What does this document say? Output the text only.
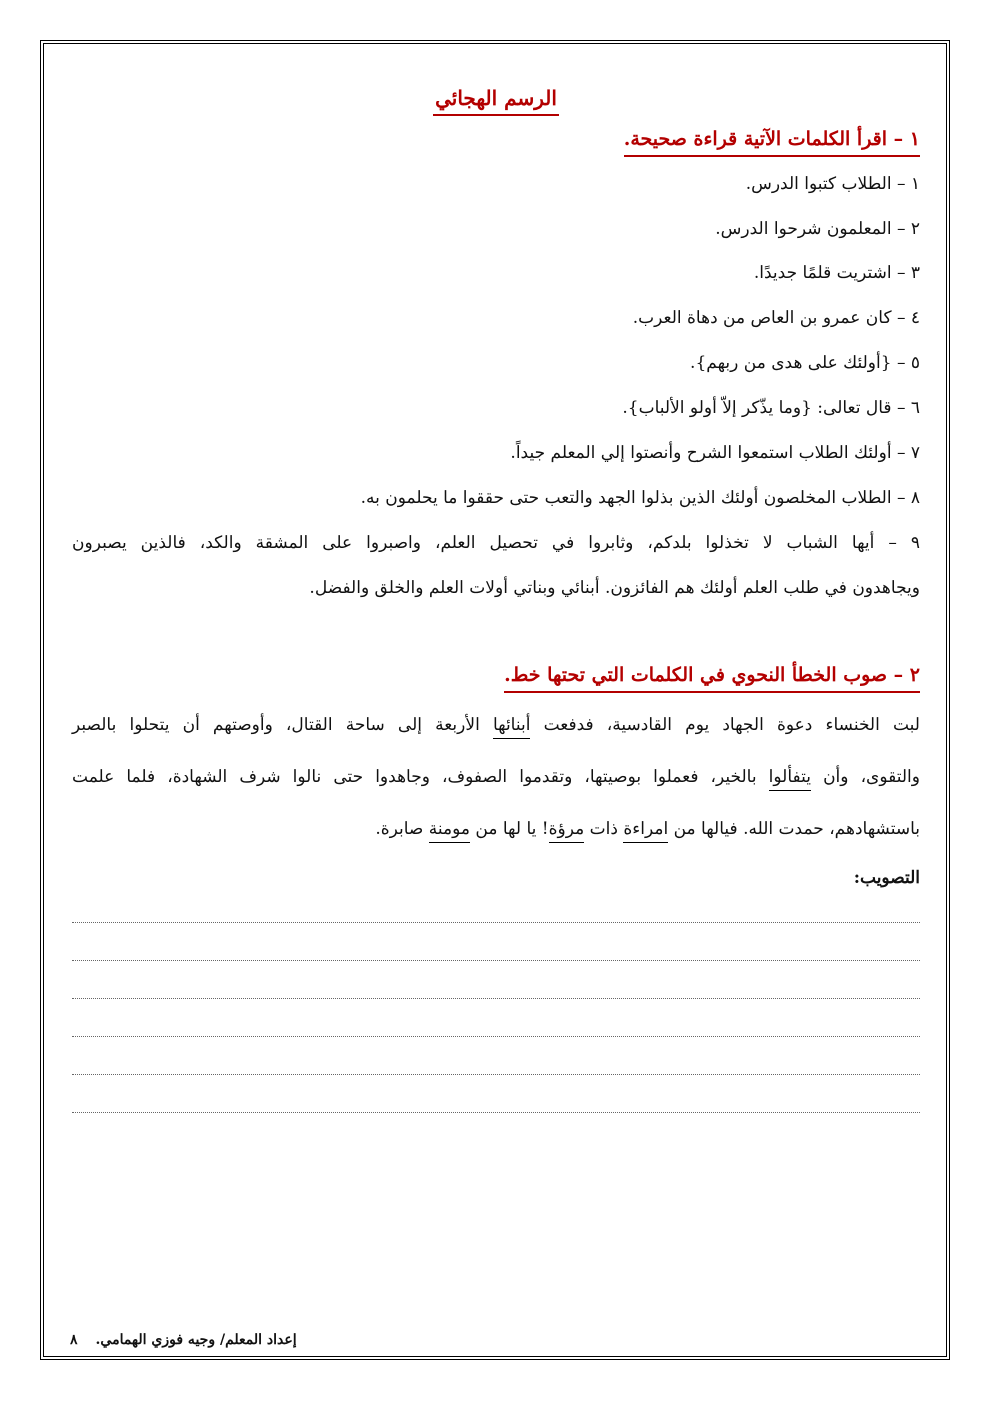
الرسم الهجائي
١ – اقرأ الكلمات الآتية قراءة صحيحة.
١ – الطلاب كتبوا الدرس.
٢ – المعلمون شرحوا الدرس.
٣ – اشتريت قلمًا جديدًا.
٤ – كان عمرو بن العاص من دهاة العرب.
٥ – {أولئك على هدى من ربهم}.
٦ – قال تعالى: {وما يذّكر إلاّ أولو الألباب}.
٧ – أولئك الطلاب استمعوا الشرح وأنصتوا إلي المعلم جيداً.
٨ – الطلاب المخلصون أولئك الذين بذلوا الجهد والتعب حتى حققوا ما يحلمون به.
٩ – أيها الشباب لا تخذلوا بلدكم، وثابروا في تحصيل العلم، واصبروا على المشقة والكد، فالذين يصبرون
ويجاهدون في طلب العلم أولئك هم الفائزون. أبنائي وبناتي أولات العلم والخلق والفضل.
٢ – صوب الخطأ النحوي في الكلمات التي تحتها خط.
لبت الخنساء دعوة الجهاد يوم القادسية، فدفعت أبنائها الأربعة إلى ساحة القتال، وأوصتهم أن يتحلوا بالصبر
والتقوى، وأن يتفألوا بالخير، فعملوا بوصيتها، وتقدموا الصفوف، وجاهدوا حتى نالوا شرف الشهادة، فلما علمت
باستشهادهم، حمدت الله. فيالها من امراءة ذات مرؤة! يا لها من مومنة صابرة.
التصويب:
إعداد المعلم/ وجيه فوزي الهمامي.٨
